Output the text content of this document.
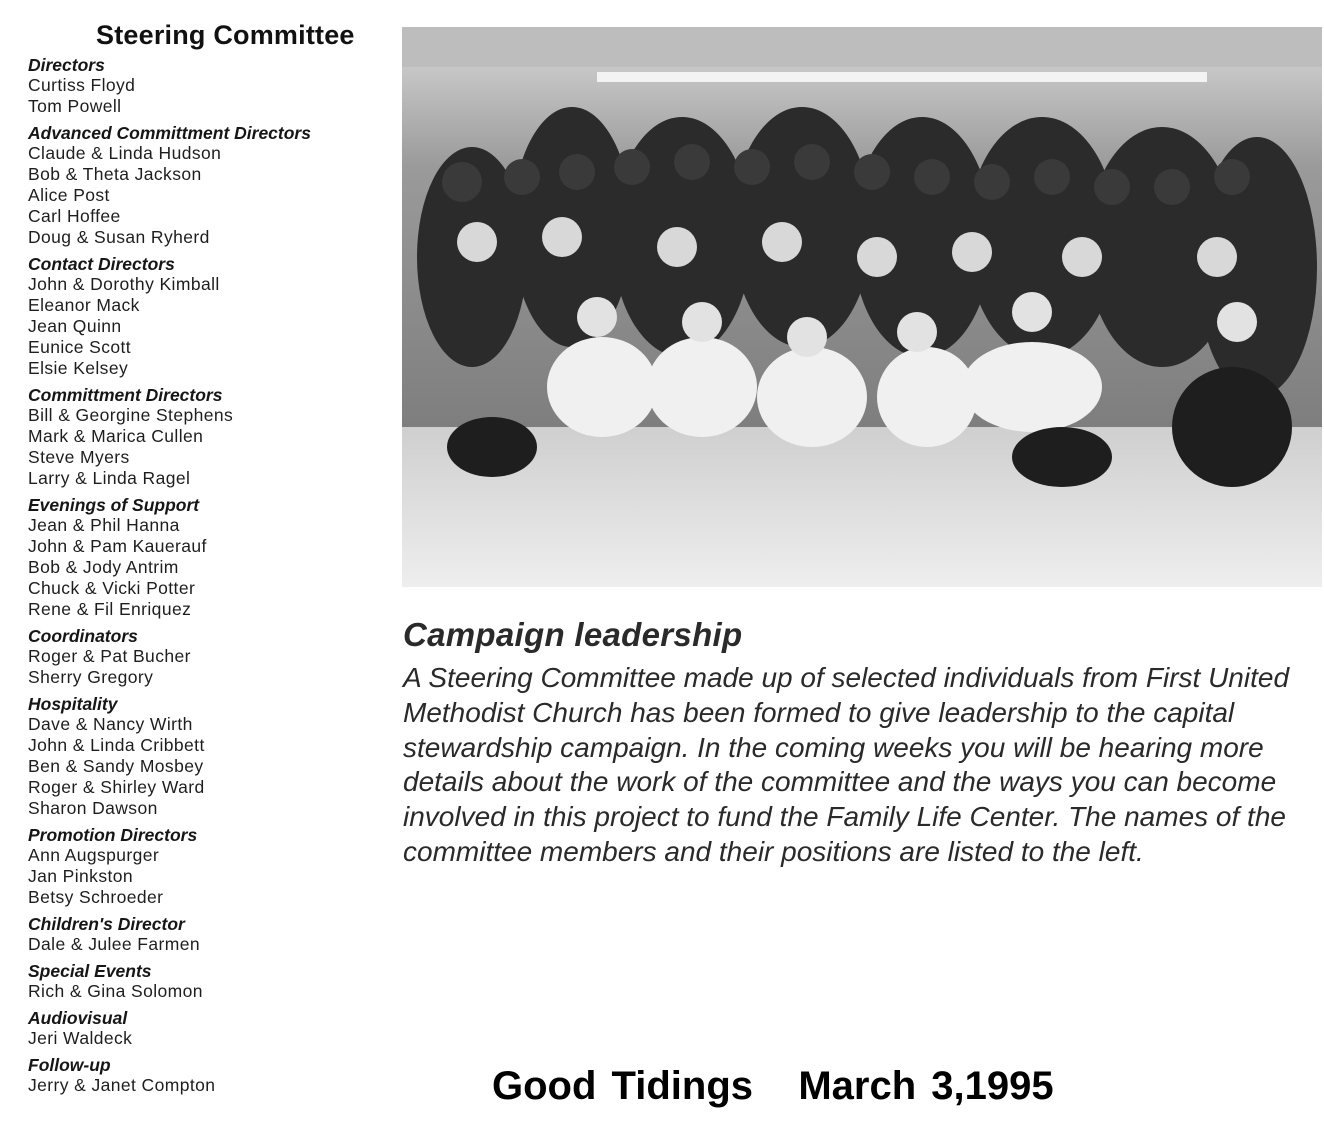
Steering Committee
Directors
Curtiss Floyd
Tom Powell
Advanced Committment Directors
Claude & Linda Hudson
Bob & Theta Jackson
Alice Post
Carl Hoffee
Doug & Susan Ryherd
Contact Directors
John & Dorothy Kimball
Eleanor Mack
Jean Quinn
Eunice Scott
Elsie Kelsey
Committment Directors
Bill & Georgine Stephens
Mark & Marica Cullen
Steve Myers
Larry & Linda Ragel
Evenings of Support
Jean & Phil Hanna
John & Pam Kauerauf
Bob & Jody Antrim
Chuck & Vicki Potter
Rene & Fil Enriquez
Coordinators
Roger & Pat Bucher
Sherry Gregory
Hospitality
Dave & Nancy Wirth
John & Linda Cribbett
Ben & Sandy Mosbey
Roger & Shirley Ward
Sharon Dawson
Promotion Directors
Ann Augspurger
Jan Pinkston
Betsy Schroeder
Children's Director
Dale & Julee Farmen
Special Events
Rich & Gina Solomon
Audiovisual
Jeri Waldeck
Follow-up
Jerry & Janet Compton
Campaign leadership
A Steering Committee made up of selected individuals from First United Methodist Church has been formed to give leadership to the capital stewardship campaign. In the coming weeks you will be hearing more details about the work of the committee and the ways you can become involved in this project to fund the Family Life Center. The names of the committee members and their positions are listed to the left.
Good Tidings March 3,1995
